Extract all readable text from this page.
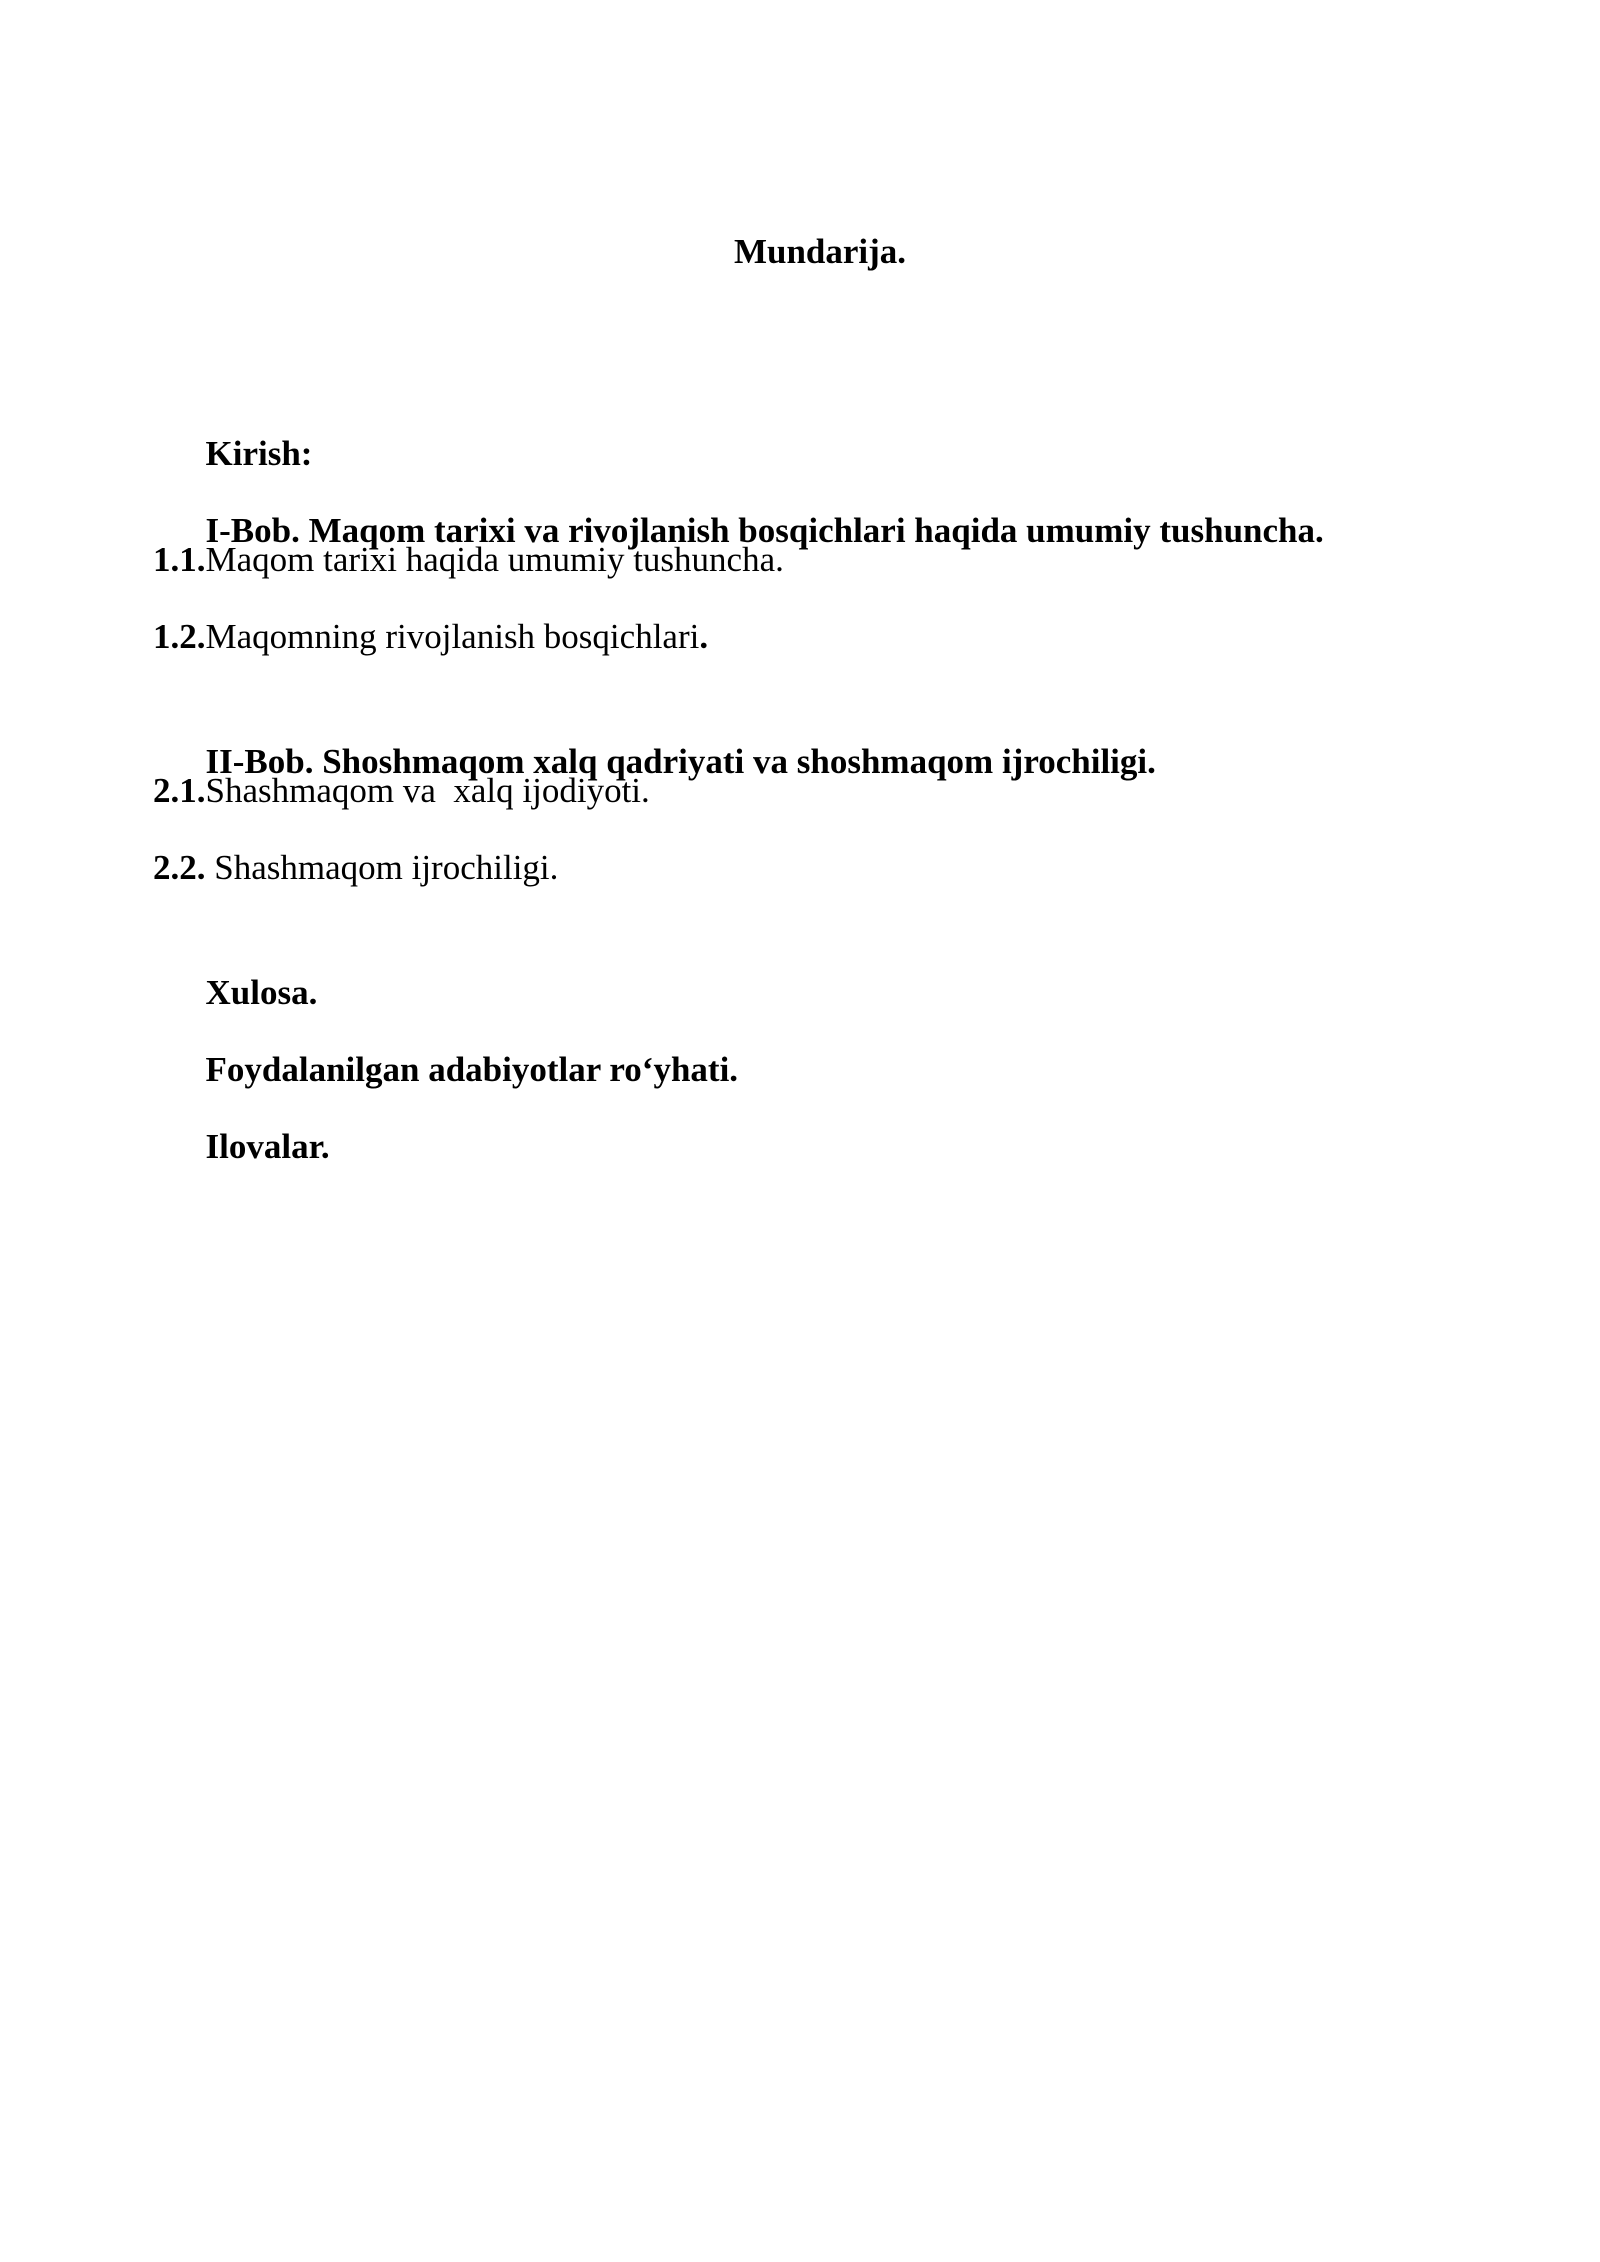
Mundarija.

Kirish:

I-Bob. Maqom tarixi va rivojlanish bosqichlari haqida umumiy tushuncha.

1.1.Maqom tarixi haqida umumiy tushuncha.
1.2.Maqomning rivojlanish bosqichlari.

II-Bob. Shoshmaqom xalq qadriyati va shoshmaqom ijrochiligi.

2.1.Shashmaqom va  xalq ijodiyoti.
2.2. Shashmaqom ijrochiligi.

Xulosa.

Foydalanilgan adabiyotlar ro‘yhati.

Ilovalar.
